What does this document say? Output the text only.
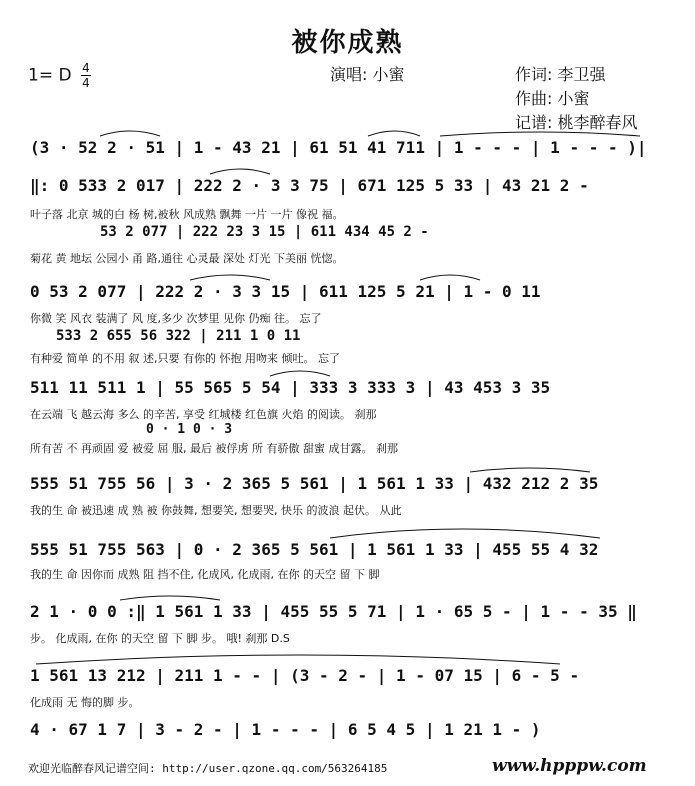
被你成熟
1= D $\frac{4}{4}$	演唱: 小蜜	作词: 李卫强
作曲: 小蜜
记谱: 桃李醉春风
(3 · 52 2 · 51 | 1 - 43 21 | 61 51 41 711 | 1 - - - | 1 - - - )|
‖: 0 533 2 017 | 222 2 · 3 3 75 | 671 125 5 33 | 43 21 2 -
叶子落 北京 城的白 杨 树,被秋 风成熟 飘舞 一片 一片 像祝 福。
53 2 077 | 222 23 3 15 | 611 434 45 2 -
菊花 黄 地坛 公园小 甬 路,通往 心灵最 深处 灯光 下美丽 恍惚。
0 53 2 077 | 222 2 · 3 3 15 | 611 125 5 21 | 1 - 0 11
你微 笑 风衣 装满了 风 度,多少 次梦里 见你 仍痴 往。 忘了
533 2 655 56 322 | 211 1 0 11
有种爱 简单 的不用 叙 述,只要 有你的 怀抱 用吻来 倾吐。 忘了
511 11 511 1 | 55 565 5 54 | 333 3 333 3 | 43 453 3 35
在云端 飞 越云海 多么 的辛苦, 享受 红城楼 红色旗 火焰 的阅读。 刹那
0 · 1 0 · 3
所有苦 不 再顽固 爱 被爱 屈 服, 最后 被俘虏 所 有骄傲 甜蜜 成甘露。 刹那
555 51 755 56 | 3 · 2 365 5 561 | 1 561 1 33 | 432 212 2 35
我的生 命 被迅速 成 熟 被 你鼓舞, 想要笑, 想要哭, 快乐 的波浪 起伏。 从此
555 51 755 563 | 0 · 2 365 5 561 | 1 561 1 33 | 455 55 4 32
我的生 命 因你而 成熟 阻 挡不住, 化成风, 化成雨, 在你 的天空 留 下 脚
2 1 · 0 0 :‖ 1 561 1 33 | 455 55 5 71 | 1 · 65 5 - | 1 - - 35 ‖
步。 化成雨, 在你 的天空 留 下 脚 步。 哦! 刹那 D.S
1 561 13 212 | 211 1 - - | (3 - 2 - | 1 - 07 15 | 6 - 5 -
化成雨 无 悔的脚 步。
4 · 67 1 7 | 3 - 2 - | 1 - - - | 6 5 4 5 | 1 21 1 - )
欢迎光临醉春风记谱空间: http://user.qzone.qq.com/563264185	www.hpppw.com
